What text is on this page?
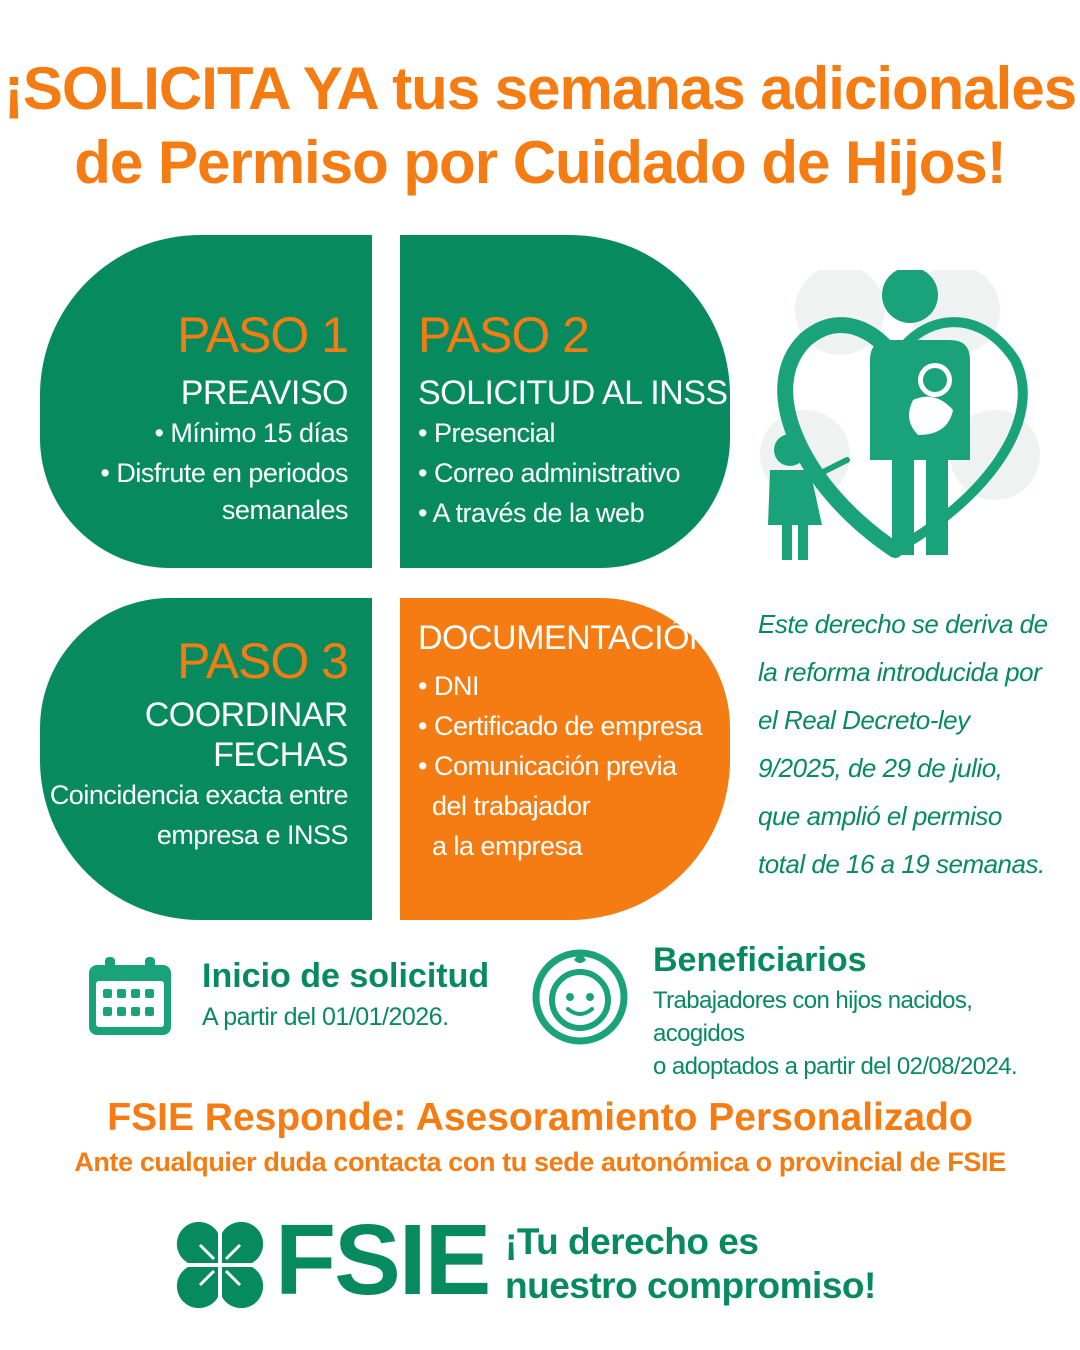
¡SOLICITA YA tus semanas adicionales
de Permiso por Cuidado de Hijos!
PASO 1
PREAVISO
• Mínimo 15 días
• Disfrute en periodos
semanales
PASO 2
SOLICITUD AL INSS
• Presencial
• Correo administrativo
• A través de la web
PASO 3
COORDINAR FECHAS
Coincidencia exacta entre
empresa e INSS
DOCUMENTACIÓN
• DNI
• Certificado de empresa
• Comunicación previa
del trabajador
a la empresa
Este derecho se deriva de
la reforma introducida por
el Real Decreto-ley
9/2025, de 29 de julio,
que amplió el permiso
total de 16 a 19 semanas.
Inicio de solicitud
A partir del 01/01/2026.
Beneficiarios
Trabajadores con hijos nacidos, acogidos
o adoptados a partir del 02/08/2024.
FSIE Responde: Asesoramiento Personalizado
Ante cualquier duda contacta con tu sede autonómica o provincial de FSIE
FSIE ¡Tu derecho es
nuestro compromiso!
